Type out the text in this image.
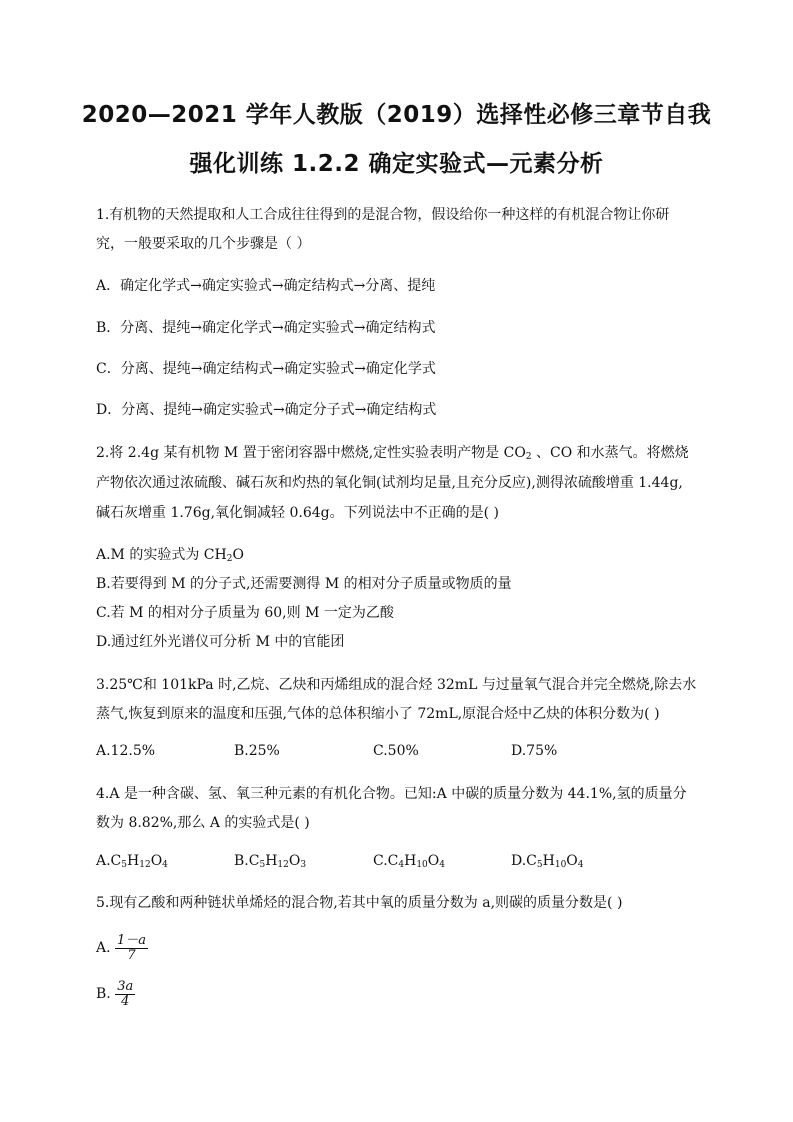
2020—2021 学年人教版（2019）选择性必修三章节自我
强化训练 1.2.2 确定实验式—元素分析
1.有机物的天然提取和人工合成往往得到的是混合物，假设给你一种这样的有机混合物让你研
究，一般要采取的几个步骤是（ ）
A．确定化学式→确定实验式→确定结构式→分离、提纯
B．分离、提纯→确定化学式→确定实验式→确定结构式
C．分离、提纯→确定结构式→确定实验式→确定化学式
D．分离、提纯→确定实验式→确定分子式→确定结构式
2.将 2.4g 某有机物 M 置于密闭容器中燃烧,定性实验表明产物是 $CO_2$ 、CO 和水蒸气。将燃烧
产物依次通过浓硫酸、碱石灰和灼热的氧化铜(试剂均足量,且充分反应),测得浓硫酸增重 1.44g,
碱石灰增重 1.76g,氧化铜减轻 0.64g。下列说法中不正确的是( )
A.M 的实验式为 $CH_2O$
B.若要得到 M 的分子式,还需要测得 M 的相对分子质量或物质的量
C.若 M 的相对分子质量为 60,则 M 一定为乙酸
D.通过红外光谱仪可分析 M 中的官能团
3.25℃和 101kPa 时,乙烷、乙炔和丙烯组成的混合烃 32mL 与过量氧气混合并完全燃烧,除去水
蒸气,恢复到原来的温度和压强,气体的总体积缩小了 72mL,原混合烃中乙炔的体积分数为( )
A.12.5%	B.25%	C.50%	D.75%
4.A 是一种含碳、氢、氧三种元素的有机化合物。已知:A 中碳的质量分数为 44.1%,氢的质量分
数为 8.82%,那么 A 的实验式是( )
$A.C_5H_{12}O_4$	$B.C_5H_{12}O_3$	$C.C_4H_{10}O_4$	$D.C_5H_{10}O_4$
5.现有乙酸和两种链状单烯烃的混合物,若其中氧的质量分数为 a,则碳的质量分数是( )
A. $\frac{1-a}{7}$
B. $\frac{3a}{4}$
